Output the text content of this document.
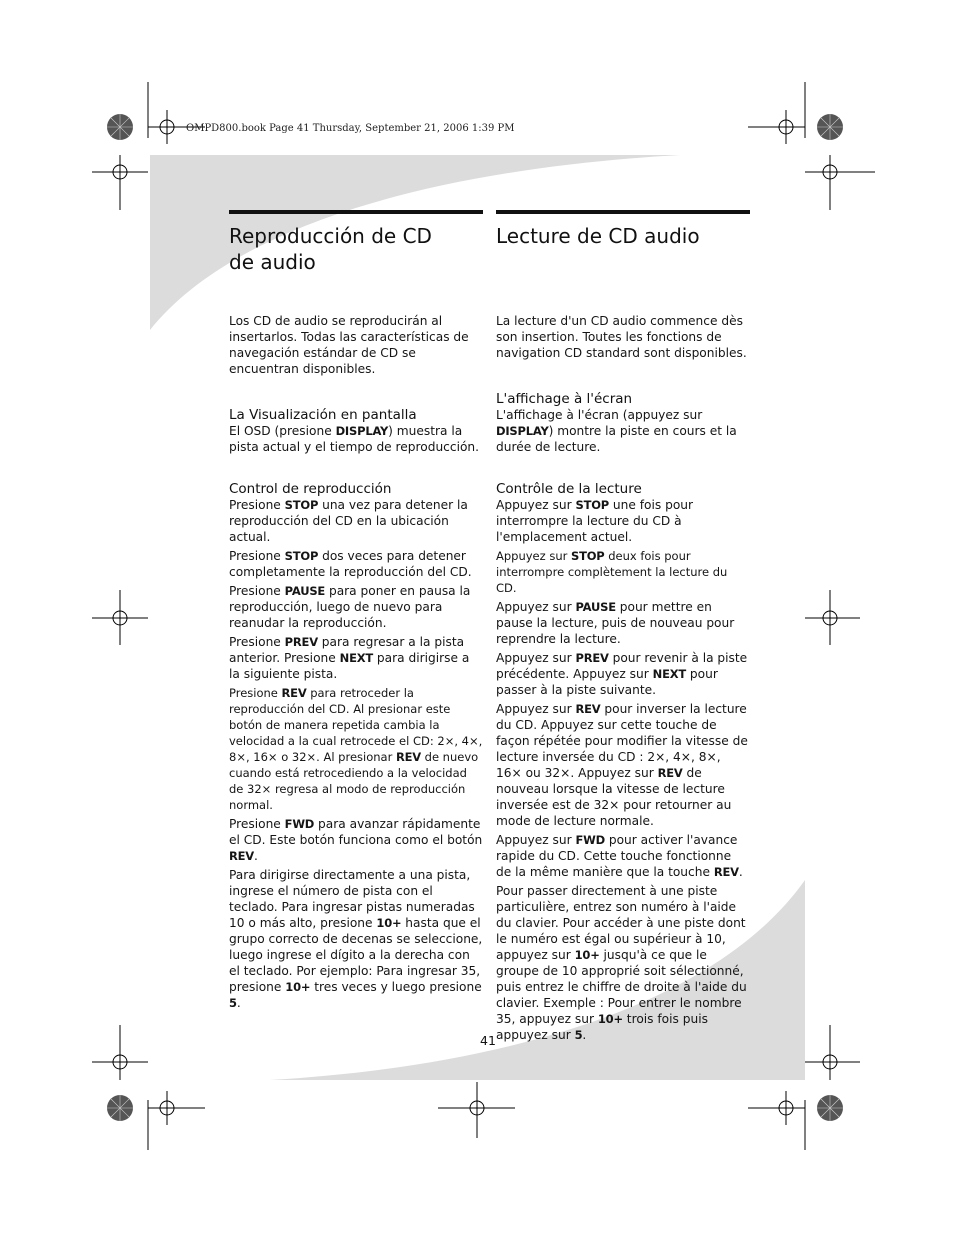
OMPD800.book Page 41 Thursday, September 21, 2006 1:39 PM
Reproducción de CD
de audio

Los CD de audio se reproducirán al insertarlos. Todas las características de navegación estándar de CD se encuentran disponibles.

La Visualización en pantalla

El OSD (presione DISPLAY) muestra la pista actual y el tiempo de reproducción.

Control de reproducción

Presione STOP una vez para detener la reproducción del CD en la ubicación actual.

Presione STOP dos veces para detener completamente la reproducción del CD.

Presione PAUSE para poner en pausa la reproducción, luego de nuevo para reanudar la reproducción.

Presione PREV para regresar a la pista anterior. Presione NEXT para dirigirse a la siguiente pista.

Presione REV para retroceder la reproducción del CD. Al presionar este botón de manera repetida cambia la velocidad a la cual retrocede el CD: 2×, 4×, 8×, 16× o 32×. Al presionar REV de nuevo cuando está retrocediendo a la velocidad de 32× regresa al modo de reproducción normal.

Presione FWD para avanzar rápidamente el CD. Este botón funciona como el botón REV.

Para dirigirse directamente a una pista, ingrese el número de pista con el teclado. Para ingresar pistas numeradas 10 o más alto, presione 10+ hasta que el grupo correcto de decenas se seleccione, luego ingrese el dígito a la derecha con el teclado. Por ejemplo: Para ingresar 35, presione 10+ tres veces y luego presione 5.

Lecture de CD audio

La lecture d'un CD audio commence dès son insertion. Toutes les fonctions de navigation CD standard sont disponibles.

L'affichage à l'écran

L'affichage à l'écran (appuyez sur DISPLAY) montre la piste en cours et la durée de lecture.

Contrôle de la lecture

Appuyez sur STOP une fois pour interrompre la lecture du CD à l'emplacement actuel.

Appuyez sur STOP deux fois pour interrompre complètement la lecture du CD.

Appuyez sur PAUSE pour mettre en pause la lecture, puis de nouveau pour reprendre la lecture.

Appuyez sur PREV pour revenir à la piste précédente. Appuyez sur NEXT pour passer à la piste suivante.

Appuyez sur REV pour inverser la lecture du CD. Appuyez sur cette touche de façon répétée pour modifier la vitesse de lecture inversée du CD : 2×, 4×, 8×, 16× ou 32×. Appuyez sur REV de nouveau lorsque la vitesse de lecture inversée est de 32× pour retourner au mode de lecture normale.

Appuyez sur FWD pour activer l'avance rapide du CD. Cette touche fonctionne de la même manière que la touche REV.

Pour passer directement à une piste particulière, entrez son numéro à l'aide du clavier. Pour accéder à une piste dont le numéro est égal ou supérieur à 10, appuyez sur 10+ jusqu'à ce que le groupe de 10 approprié soit sélectionné, puis entrez le chiffre de droite à l'aide du clavier. Exemple : Pour entrer le nombre 35, appuyez sur 10+ trois fois puis appuyez sur 5.

41
